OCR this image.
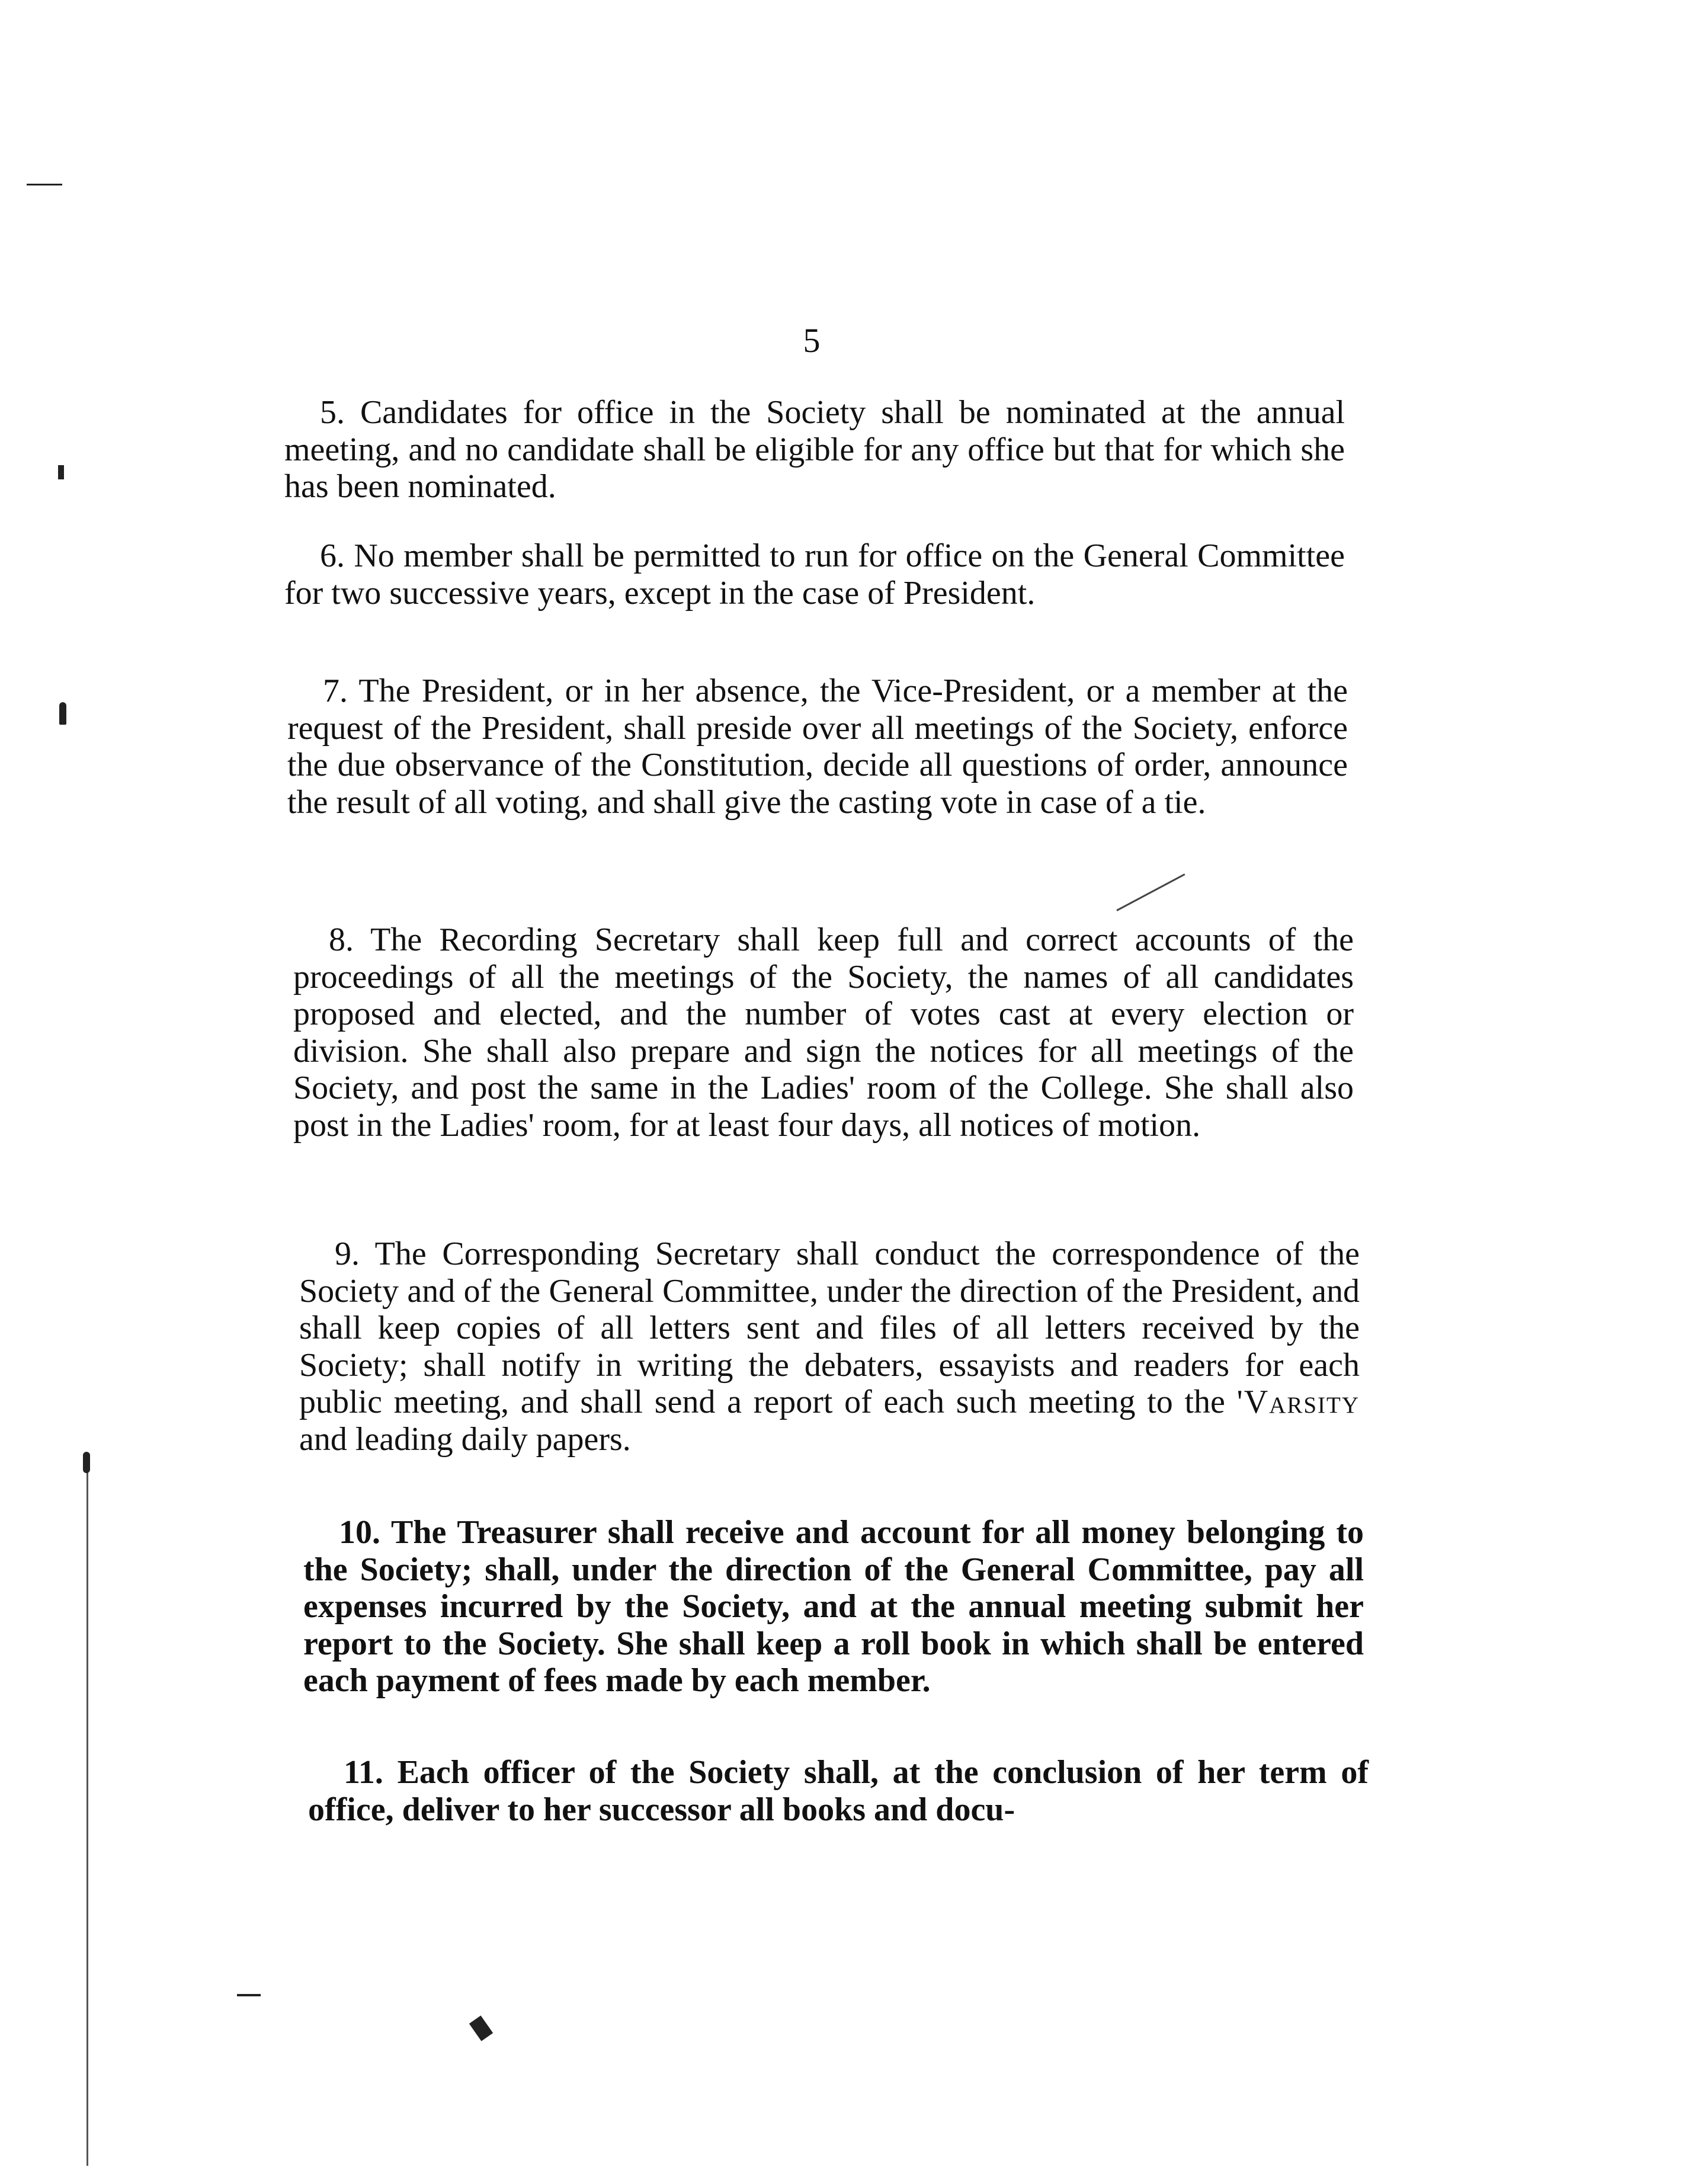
5

5. Candidates for office in the Society shall be nominated at the annual meeting, and no candidate shall be eligible for any office but that for which she has been nominated.

6. No member shall be permitted to run for office on the General Committee for two successive years, except in the case of President.

7. The President, or in her absence, the Vice-President, or a member at the request of the President, shall preside over all meetings of the Society, enforce the due observance of the Constitution, decide all questions of order, announce the result of all voting, and shall give the casting vote in case of a tie.

8. The Recording Secretary shall keep full and correct accounts of the proceedings of all the meetings of the Society, the names of all candidates proposed and elected, and the number of votes cast at every election or division. She shall also prepare and sign the notices for all meetings of the Society, and post the same in the Ladies' room of the College. She shall also post in the Ladies' room, for at least four days, all notices of motion.

9. The Corresponding Secretary shall conduct the correspondence of the Society and of the General Committee, under the direction of the President, and shall keep copies of all letters sent and files of all letters received by the Society; shall notify in writing the debaters, essayists and readers for each public meeting, and shall send a report of each such meeting to the 'Varsity and leading daily papers.

10. The Treasurer shall receive and account for all money belonging to the Society; shall, under the direction of the General Committee, pay all expenses incurred by the Society, and at the annual meeting submit her report to the Society. She shall keep a roll book in which shall be entered each payment of fees made by each member.

11. Each officer of the Society shall, at the conclusion of her term of office, deliver to her successor all books and docu-
